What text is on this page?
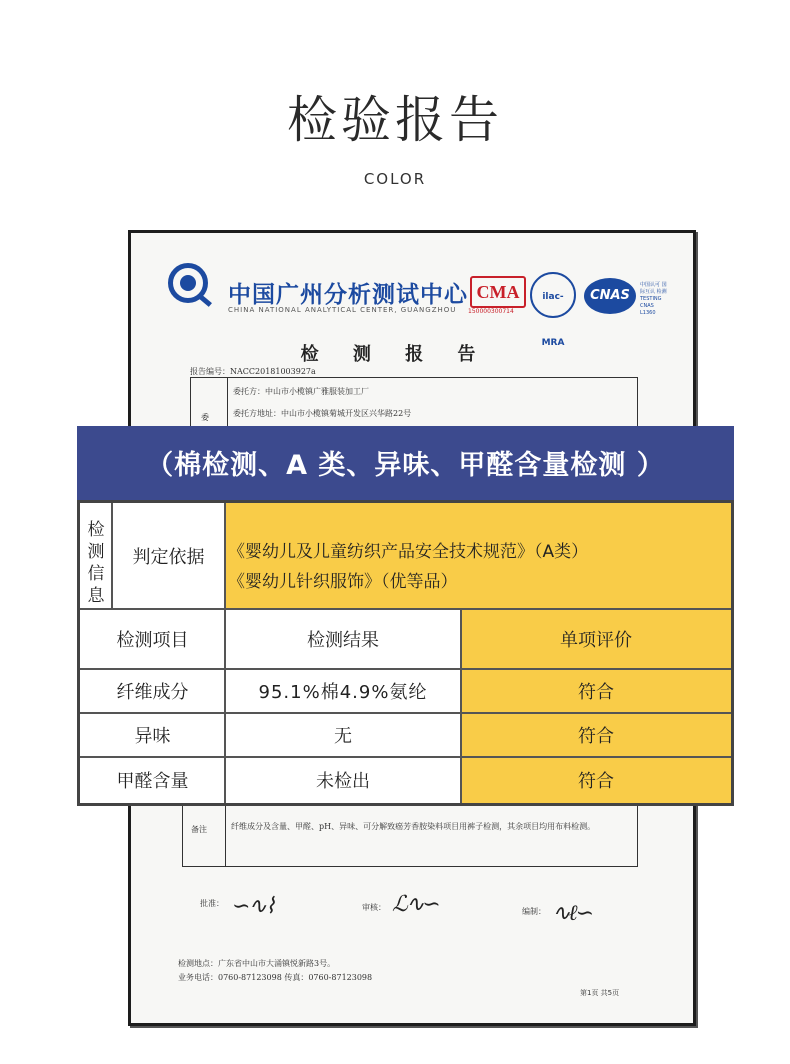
检验报告
COLOR
中国广州分析测试中心
CHINA NATIONAL ANALYTICAL CENTER, GUANGZHOU
CMA
150000300714
ilac-MRA
CNAS
中国认可 国际互认 检测 TESTING CNAS L1360
检 测 报 告
报告编号：NACC20181003927a
委
委托方：中山市小榄镇广雅服装加工厂
委托方地址：中山市小榄镇菊城开发区兴华路22号
备注	纤维成分及含量、甲醛、pH、异味、可分解致癌芳香胺染料项目用裤子检测，其余项目均用布料检测。
批准： ∽∿⌇	审核： ℒ∿∽	编制： ∿ℓ∽
检测地点：广东省中山市大涌镇悦新路3号。
业务电话：0760-87123098 传真：0760-87123098
第1页 共5页
（棉检测、A 类、异味、甲醛含量检测 ）
检测信息
判定依据	《婴幼儿及儿童纺织产品安全技术规范》（A类）
《婴幼儿针织服饰》（优等品）
检测项目	检测结果	单项评价
纤维成分	95.1%棉4.9%氨纶	符合
异味	无	符合
甲醛含量	未检出	符合
